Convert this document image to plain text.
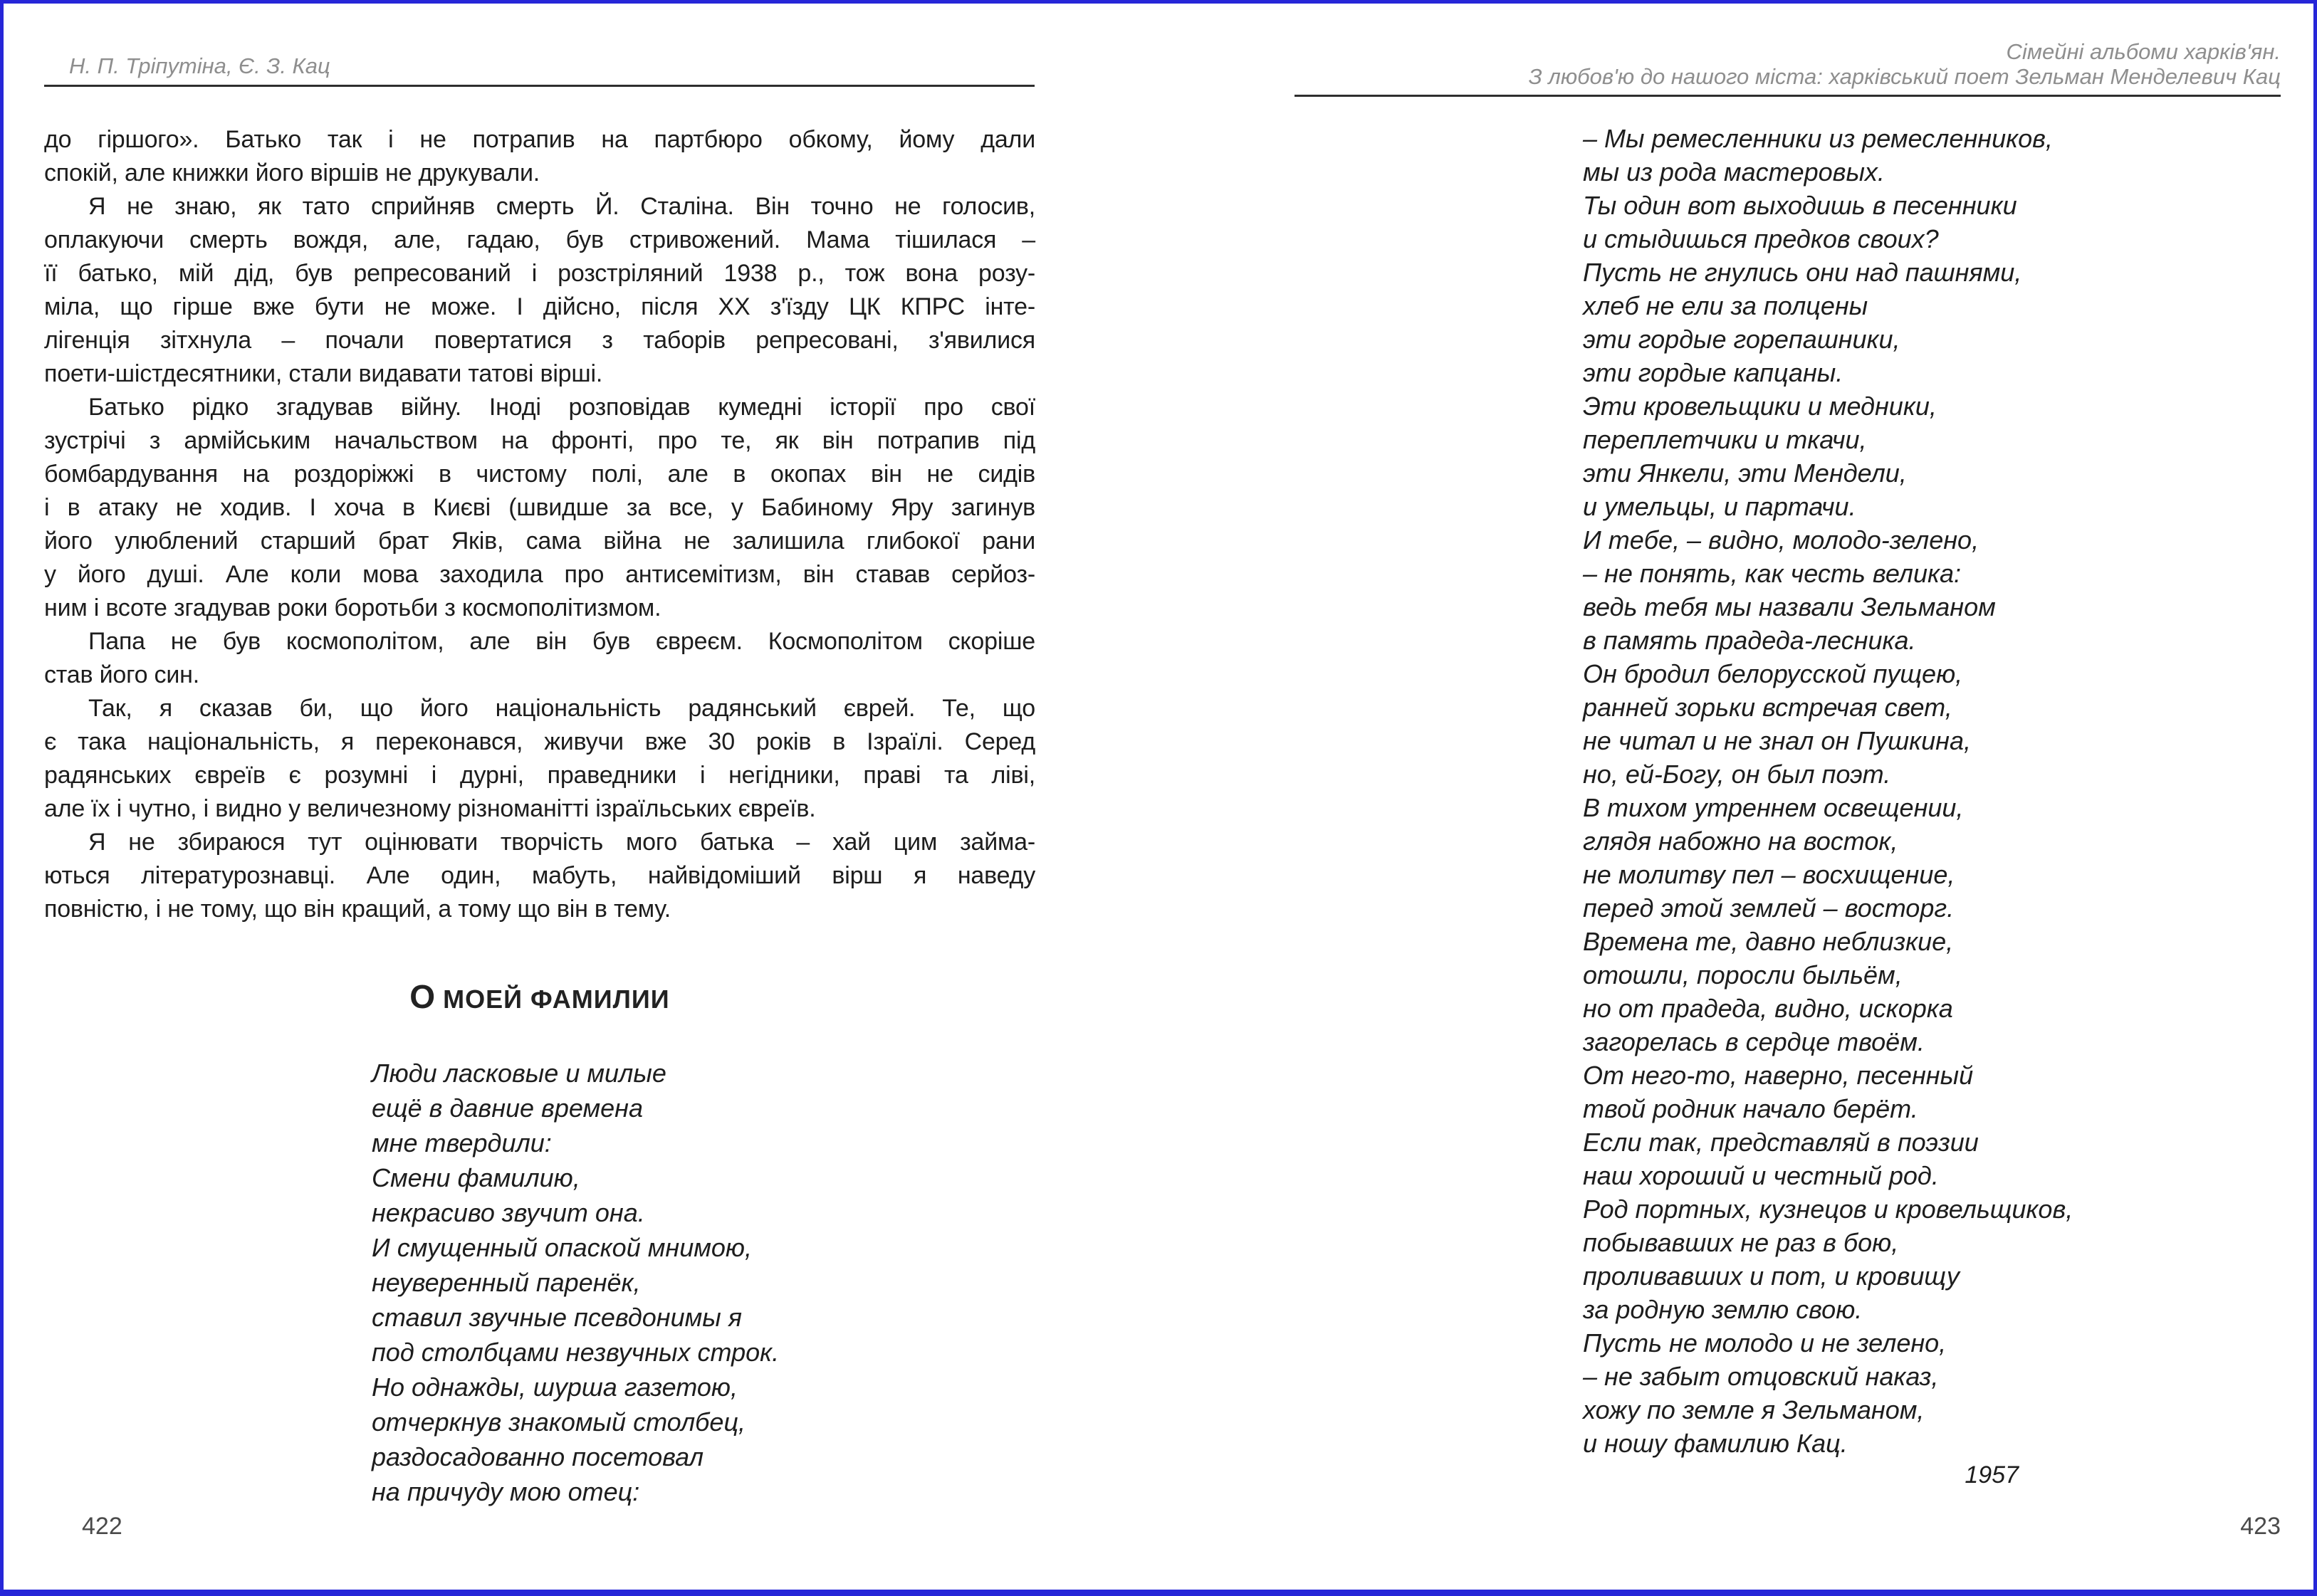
Н. П. Тріпутіна, Є. З. Кац
до гіршого». Батько так і не потрапив на партбюро обкому, йому дали
спокій, але книжки його віршів не друкували.
Я не знаю, як тато сприйняв смерть Й. Сталіна. Він точно не голосив,
оплакуючи смерть вождя, але, гадаю, був стривожений. Мама тішилася –
її батько, мій дід, був репресований і розстріляний 1938 р., тож вона розу-
міла, що гірше вже бути не може. І дійсно, після ХХ з'їзду ЦК КПРС інте-
лігенція зітхнула – почали повертатися з таборів репресовані, з'явилися
поети-шістдесятники, стали видавати татові вірші.
Батько рідко згадував війну. Іноді розповідав кумедні історії про свої
зустрічі з армійським начальством на фронті, про те, як він потрапив під
бомбардування на роздоріжжі в чистому полі, але в окопах він не сидів
і в атаку не ходив. І хоча в Києві (швидше за все, у Бабиному Яру загинув
його улюблений старший брат Яків, сама війна не залишила глибокої рани
у його душі. Але коли мова заходила про антисемітизм, він ставав серйоз-
ним і всоте згадував роки боротьби з космополітизмом.
Папа не був космополітом, але він був євреєм. Космополітом скоріше
став його син.
Так, я сказав би, що його національність радянський єврей. Те, що
є така національність, я переконався, живучи вже 30 років в Ізраїлі. Серед
радянських євреїв є розумні і дурні, праведники і негідники, праві та ліві,
але їх і чутно, і видно у величезному різноманітті ізраїльських євреїв.
Я не збираюся тут оцінювати творчість мого батька – хай цим займа-
ються літературознавці. Але один, мабуть, найвідоміший вірш я наведу
повністю, і не тому, що він кращий, а тому що він в тему.
О МОЕЙ ФАМИЛИИ
Люди ласковые и милые
ещё в давние времена
мне твердили:
Смени фамилию,
некрасиво звучит она.
И смущенный опаской мнимою,
неуверенный паренёк,
ставил звучные псевдонимы я
под столбцами незвучных строк.
Но однажды, шурша газетою,
отчеркнув знакомый столбец,
раздосадованно посетовал
на причуду мою отец:
422
Сімейні альбоми харків'ян.
З любов'ю до нашого міста: харківський поет Зельман Менделевич Кац
– Мы ремесленники из ремесленников,
мы из рода мастеровых.
Ты один вот выходишь в песенники
и стыдишься предков своих?
Пусть не гнулись они над пашнями,
хлеб не ели за полцены
эти гордые горепашники,
эти гордые капцаны.
Эти кровельщики и медники,
переплетчики и ткачи,
эти Янкели, эти Мендели,
и умельцы, и партачи.
И тебе, – видно, молодо-зелено,
– не понять, как честь велика:
ведь тебя мы назвали Зельманом
в память прадеда-лесника.
Он бродил белорусской пущею,
ранней зорьки встречая свет,
не читал и не знал он Пушкина,
но, ей-Богу, он был поэт.
В тихом утреннем освещении,
глядя набожно на восток,
не молитву пел – восхищение,
перед этой землей – восторг.
Времена те, давно неблизкие,
отошли, поросли быльём,
но от прадеда, видно, искорка
загорелась в сердце твоём.
От него-то, наверно, песенный
твой родник начало берёт.
Если так, представляй в поэзии
наш хороший и честный род.
Род портных, кузнецов и кровельщиков,
побывавших не раз в бою,
проливавших и пот, и кровищу
за родную землю свою.
Пусть не молодо и не зелено,
– не забыт отцовский наказ,
хожу по земле я Зельманом,
и ношу фамилию Кац.
1957
423
